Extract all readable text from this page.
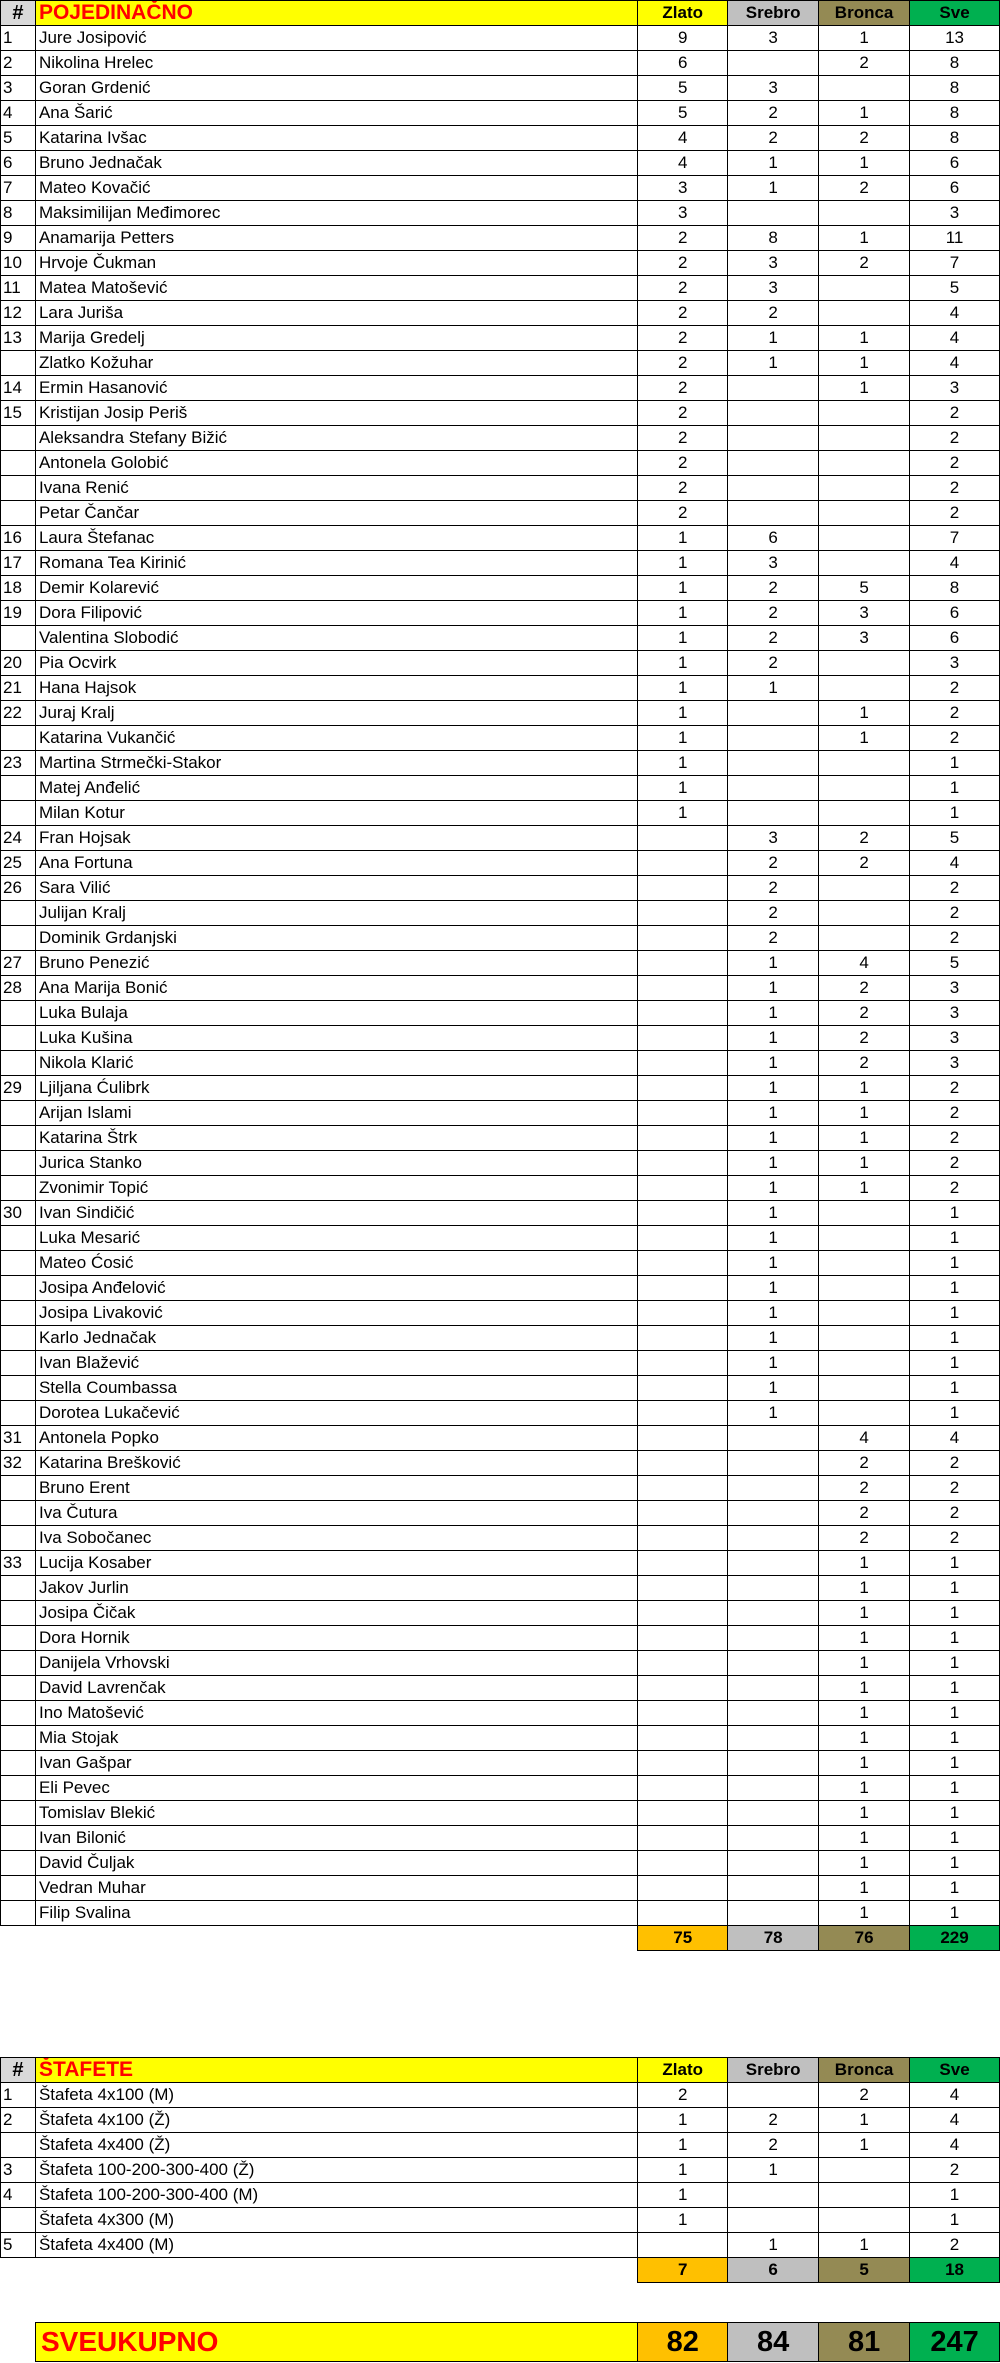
#	POJEDINAČNO	Zlato	Srebro	Bronca	Sve
1	Jure Josipović	9	3	1	13
2	Nikolina Hrelec	6		2	8
3	Goran Grdenić	5	3		8
4	Ana Šarić	5	2	1	8
5	Katarina Ivšac	4	2	2	8
6	Bruno Jednačak	4	1	1	6
7	Mateo Kovačić	3	1	2	6
8	Maksimilijan Međimorec	3			3
9	Anamarija Petters	2	8	1	11
10	Hrvoje Čukman	2	3	2	7
11	Matea Matošević	2	3		5
12	Lara Juriša	2	2		4
13	Marija Gredelj	2	1	1	4
	Zlatko Kožuhar	2	1	1	4
14	Ermin Hasanović	2		1	3
15	Kristijan Josip Periš	2			2
	Aleksandra Stefany Bižić	2			2
	Antonela Golobić	2			2
	Ivana Renić	2			2
	Petar Čančar	2			2
16	Laura Štefanac	1	6		7
17	Romana Tea Kirinić	1	3		4
18	Demir Kolarević	1	2	5	8
19	Dora Filipović	1	2	3	6
	Valentina Slobodić	1	2	3	6
20	Pia Ocvirk	1	2		3
21	Hana Hajsok	1	1		2
22	Juraj Kralj	1		1	2
	Katarina Vukančić	1		1	2
23	Martina Strmečki-Stakor	1			1
	Matej Anđelić	1			1
	Milan Kotur	1			1
24	Fran Hojsak		3	2	5
25	Ana Fortuna		2	2	4
26	Sara Vilić		2		2
	Julijan Kralj		2		2
	Dominik Grdanjski		2		2
27	Bruno Penezić		1	4	5
28	Ana Marija Bonić		1	2	3
	Luka Bulaja		1	2	3
	Luka Kušina		1	2	3
	Nikola Klarić		1	2	3
29	Ljiljana Ćulibrk		1	1	2
	Arijan Islami		1	1	2
	Katarina Štrk		1	1	2
	Jurica Stanko		1	1	2
	Zvonimir Topić		1	1	2
30	Ivan Sindičić		1		1
	Luka Mesarić		1		1
	Mateo Ćosić		1		1
	Josipa Anđelović		1		1
	Josipa Livaković		1		1
	Karlo Jednačak		1		1
	Ivan Blažević		1		1
	Stella Coumbassa		1		1
	Dorotea Lukačević		1		1
31	Antonela Popko			4	4
32	Katarina Brešković			2	2
	Bruno Erent			2	2
	Iva Čutura			2	2
	Iva Sobočanec			2	2
33	Lucija Kosaber			1	1
	Jakov Jurlin			1	1
	Josipa Čičak			1	1
	Dora Hornik			1	1
	Danijela Vrhovski			1	1
	David Lavrenčak			1	1
	Ino Matošević			1	1
	Mia Stojak			1	1
	Ivan Gašpar			1	1
	Eli Pevec			1	1
	Tomislav Blekić			1	1
	Ivan Bilonić			1	1
	David Čuljak			1	1
	Vedran Muhar			1	1
	Filip Svalina			1	1
		75	78	76	229
#	ŠTAFETE	Zlato	Srebro	Bronca	Sve
1	Štafeta 4x100 (M)	2		2	4
2	Štafeta 4x100 (Ž)	1	2	1	4
	Štafeta 4x400 (Ž)	1	2	1	4
3	Štafeta 100-200-300-400 (Ž)	1	1		2
4	Štafeta 100-200-300-400 (M)	1			1
	Štafeta 4x300 (M)	1			1
5	Štafeta 4x400 (M)		1	1	2
		7	6	5	18
SVEUKUPNO	82	84	81	247
